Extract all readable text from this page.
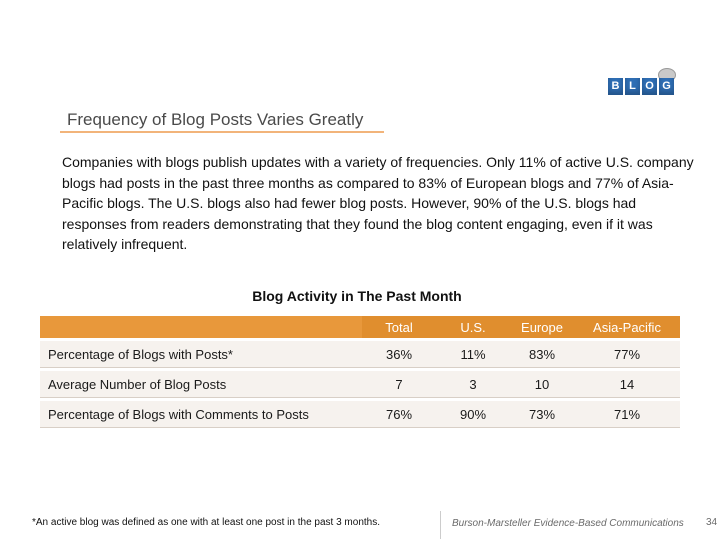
B L O G
Frequency of Blog Posts Varies Greatly
Companies with blogs publish updates with a variety of frequencies. Only 11% of active U.S. company blogs had posts in the past three months as compared to 83% of European blogs and 77% of Asia-Pacific blogs. The U.S. blogs also had fewer blog posts. However, 90% of the U.S. blogs had responses from readers demonstrating that they found the blog content engaging, even if it was relatively infrequent.
Blog Activity in The Past Month
	Total	U.S.	Europe	Asia-Pacific
Percentage of Blogs with Posts*	36%	11%	83%	77%
Average Number of Blog Posts	7	3	10	14
Percentage of Blogs with Comments to Posts	76%	90%	73%	71%
*An active blog was defined as one with at least one post in the past 3 months.	Burson-Marsteller Evidence-Based Communications 34
